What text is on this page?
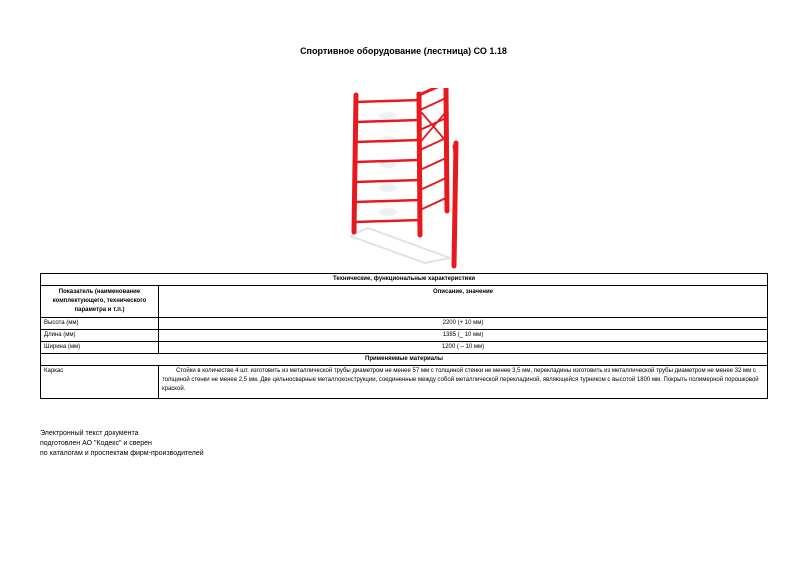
Спортивное оборудование (лестница) СО 1.18
Технические, функциональные характеристики	
Показатель (наименование комплектующего, технического параметра и т.п.)	Описание, значение
Высота (мм)	2200 (+ 10 мм)
Длина (мм)	1385 (_ 10 мм)
Ширина (мм)	1200 ( – 10 мм)
Применяемые материалы	
Каркас	Стойки в количестве 4 шт. изготовить из металлической трубы диаметром не менее 57 мм с толщиной стенки не менее 3,5 мм, перекладины изготовить из металлической трубы диаметром не менее 32 мм с толщиной стенки не менее 2,5 мм. Две цельносварные металлоконструкции, соединенные между собой металлической перекладиной, являющейся турником с высотой 1800 мм. Покрыть полимерной порошковой краской.
Электронный текст документа
подготовлен АО "Кодекс" и сверен
по каталогам и проспектам фирм-производителей
